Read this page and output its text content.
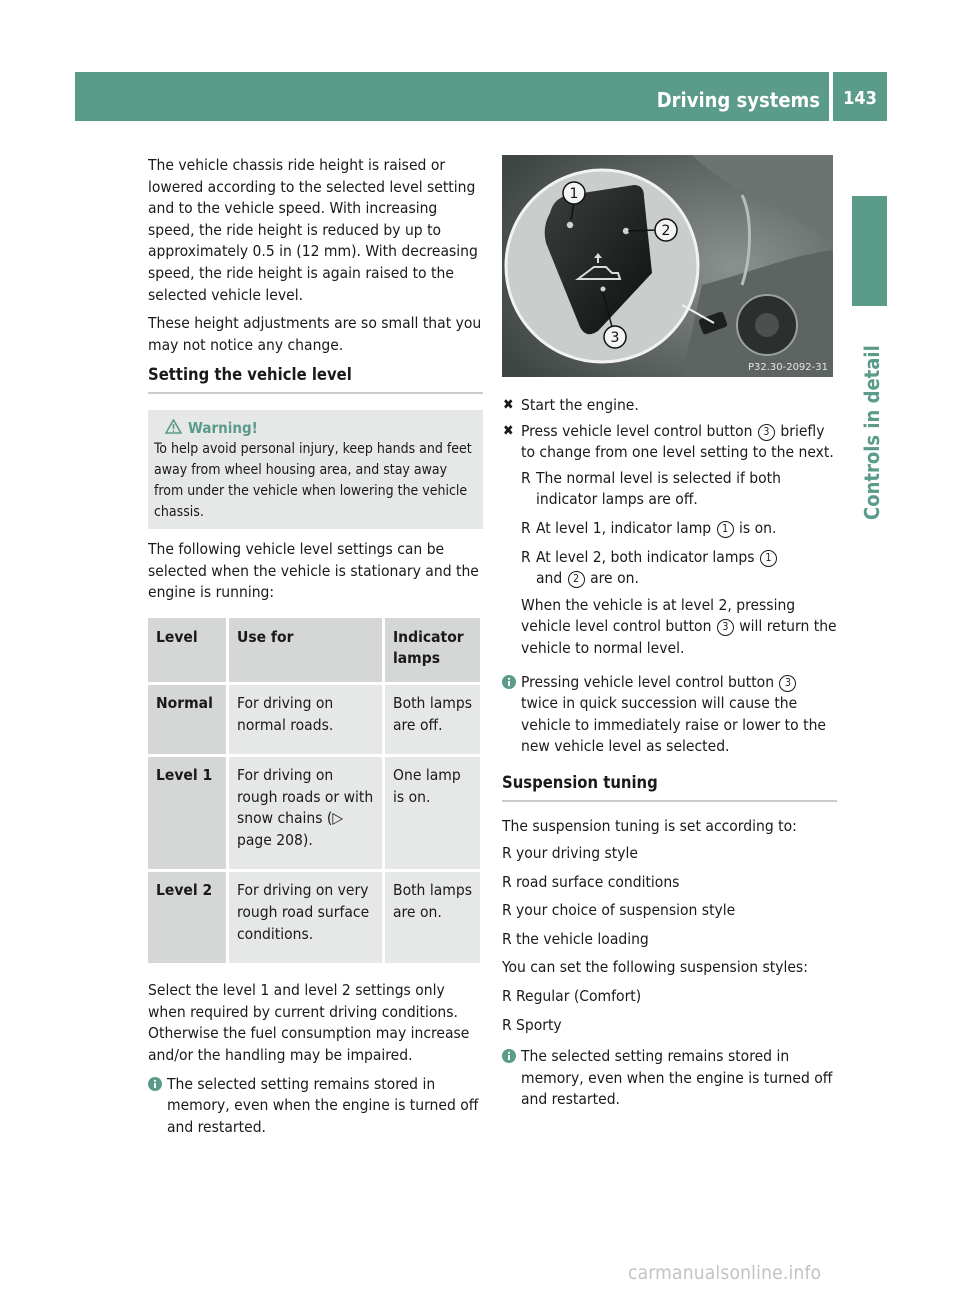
Driving systems 143
Controls in detail

The vehicle chassis ride height is raised or lowered according to the selected level setting and to the vehicle speed. With increasing speed, the ride height is reduced by up to approximately 0.5 in (12 mm). With decreasing speed, the ride height is again raised to the selected vehicle level.

These height adjustments are so small that you may not notice any change.

Setting the vehicle level
Warning!
To help avoid personal injury, keep hands and feet away from wheel housing area, and stay away from under the vehicle when lowering the vehicle chassis.

The following vehicle level settings can be selected when the vehicle is stationary and the engine is running:

Level	Use for	Indicator lamps
Normal	For driving on normal roads.	Both lamps are off.
Level 1	For driving on rough roads or with snow chains (▷ page 208).	One lamp is on.
Level 2	For driving on very rough road surface conditions.	Both lamps are on.

Select the level 1 and level 2 settings only when required by current driving conditions. Otherwise the fuel consumption may increase and/or the handling may be impaired.

The selected setting remains stored in memory, even when the engine is turned off and restarted.
1
2
3
P32.30-2092-31

✖ Start the engine.

✖ Press vehicle level control button 3 briefly to change from one level setting to the next.

R The normal level is selected if both indicator lamps are off.

R At level 1, indicator lamp 1 is on.

R At level 2, both indicator lamps 1
and 2 are on.

When the vehicle is at level 2, pressing vehicle level control button 3 will return the vehicle to normal level.

Pressing vehicle level control button 3 twice in quick succession will cause the vehicle to immediately raise or lower to the new vehicle level as selected.
Suspension tuning

The suspension tuning is set according to:

R your driving style

R road surface conditions

R your choice of suspension style

R the vehicle loading

You can set the following suspension styles:

R Regular (Comfort)

R Sporty

The selected setting remains stored in memory, even when the engine is turned off and restarted.
carmanualsonline.info
